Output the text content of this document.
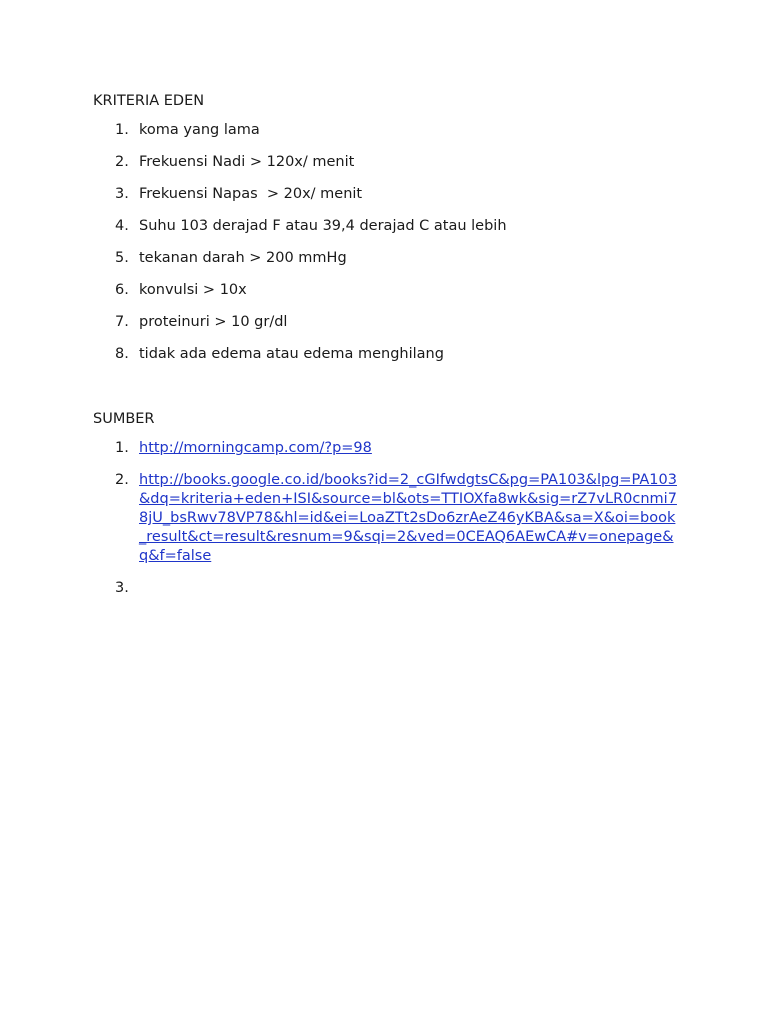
KRITERIA EDEN

1. koma yang lama
2. Frekuensi Nadi > 120x/ menit
3. Frekuensi Napas  > 20x/ menit
4. Suhu 103 derajad F atau 39,4 derajad C atau lebih
5. tekanan darah > 200 mmHg
6. konvulsi > 10x
7. proteinuri > 10 gr/dl
8. tidak ada edema atau edema menghilang

SUMBER

1. http://morningcamp.com/?p=98
2. http://books.google.co.id/books?id=2_cGIfwdgtsC&pg=PA103&lpg=PA103&dq=kriteria+eden+ISI&source=bl&ots=TTIOXfa8wk&sig=rZ7vLR0cnmi78jU_bsRwv78VP78&hl=id&ei=LoaZTt2sDo6zrAeZ46yKBA&sa=X&oi=book_result&ct=result&resnum=9&sqi=2&ved=0CEAQ6AEwCA#v=onepage&q&f=false
3.
